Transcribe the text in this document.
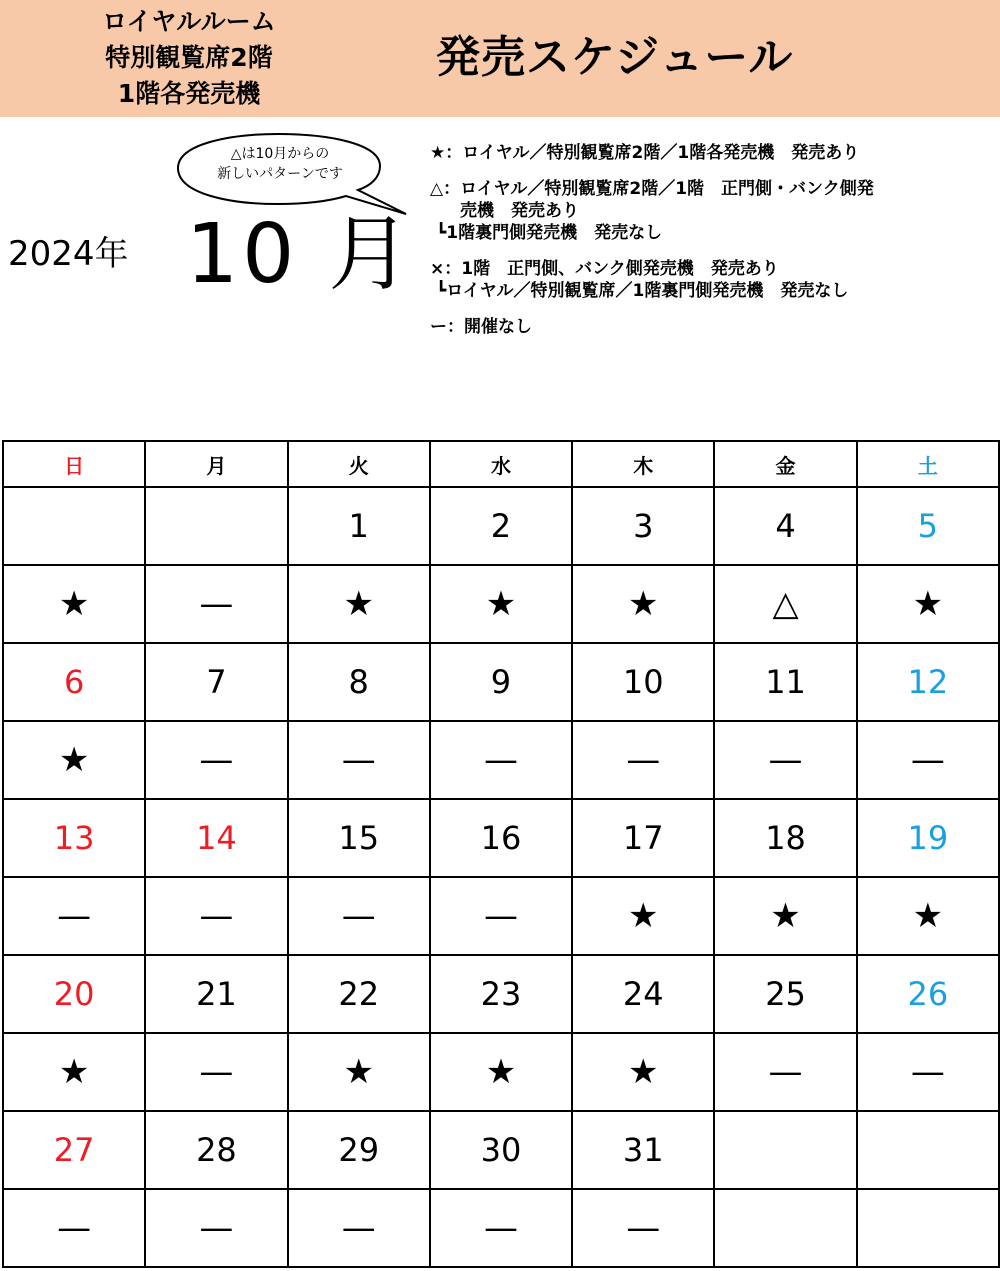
ロイヤルルーム
特別観覧席2階
1階各発売機
発売スケジュール
2024年 10 月
△は10月からの
新しいパターンです
★：ロイヤル／特別観覧席2階／1階各発売機　発売あり
△：ロイヤル／特別観覧席2階／1階　正門側・バンク側発
売機　発売あり
┗1階裏門側発売機　発売なし
×：1階　正門側、バンク側発売機　発売あり
┗ロイヤル／特別観覧席／1階裏門側発売機　発売なし
ー：開催なし
日	月	火	水	木	金	土
		1	2	3	4	5
★	—	★	★	★	△	★
6	7	8	9	10	11	12
★	—	—	—	—	—	—
13	14	15	16	17	18	19
—	—	—	—	★	★	★
20	21	22	23	24	25	26
★	—	★	★	★	—	—
27	28	29	30	31		
—	—	—	—	—		
